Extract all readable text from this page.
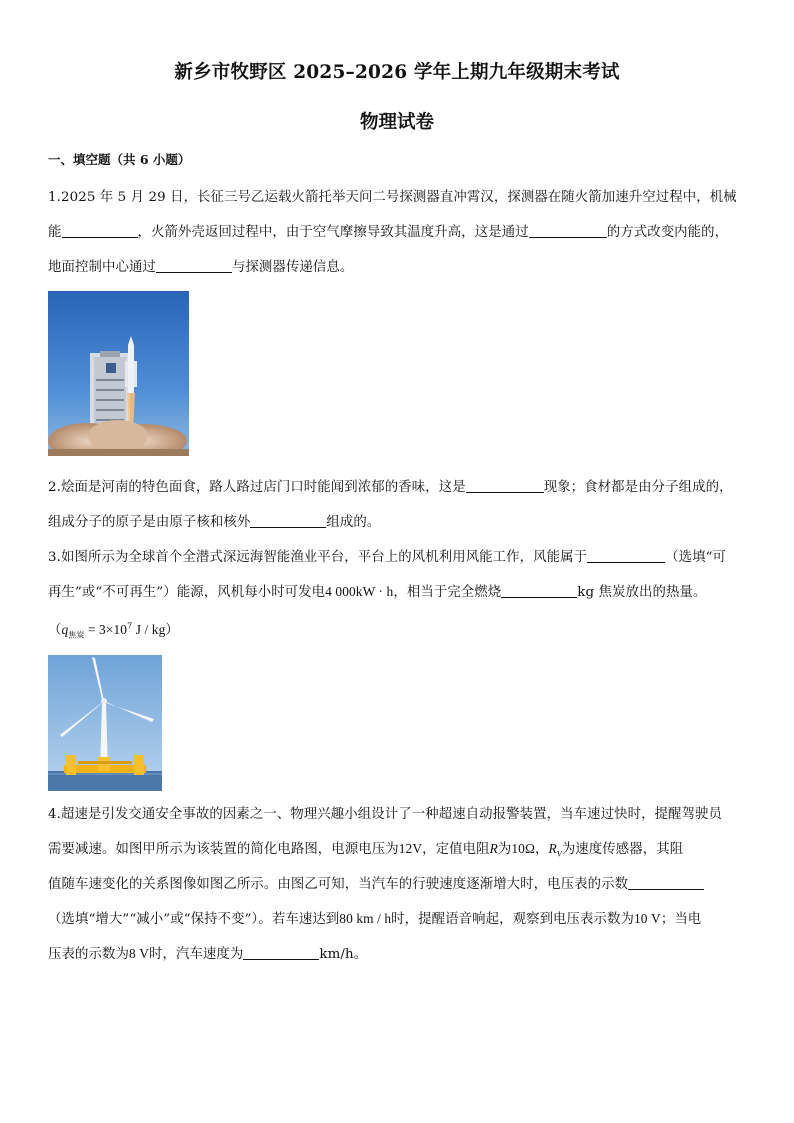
新乡市牧野区 2025–2026 学年上期九年级期末考试
物理试卷
一、填空题（共 6 小题）
1.2025 年 5 月 29 日，长征三号乙运载火箭托举天问二号探测器直冲霄汉，探测器在随火箭加速升空过程中，机械
能	，火箭外壳返回过程中，由于空气摩擦导致其温度升高，这是通过	的方式改变内能的，
地面控制中心通过	与探测器传递信息。
2.烩面是河南的特色面食，路人路过店门口时能闻到浓郁的香味，这是	现象；食材都是由分子组成的，
组成分子的原子是由原子核和核外	组成的。
3.如图所示为全球首个全潜式深远海智能渔业平台，平台上的风机利用风能工作，风能属于	（选填“可
再生”或“不可再生”）能源，风机每小时可发电4 000kW · h，相当于完全燃烧	kg 焦炭放出的热量。
（$q_{焦炭} = 3\times 10^7$ J / kg）
4.超速是引发交通安全事故的因素之一、物理兴趣小组设计了一种超速自动报警装置，当车速过快时，提醒驾驶员
需要减速。如图甲所示为该装置的简化电路图，电源电压为12V，定值电阻R为10Ω，$R_V$为速度传感器，其阻
值随车速变化的关系图像如图乙所示。由图乙可知，当汽车的行驶速度逐渐增大时，电压表的示数
（选填“增大”“减小”或“保持不变”）。若车速达到80 km / h时，提醒语音响起，观察到电压表示数为10 V；当电
压表的示数为8 V时，汽车速度为	km/h。
